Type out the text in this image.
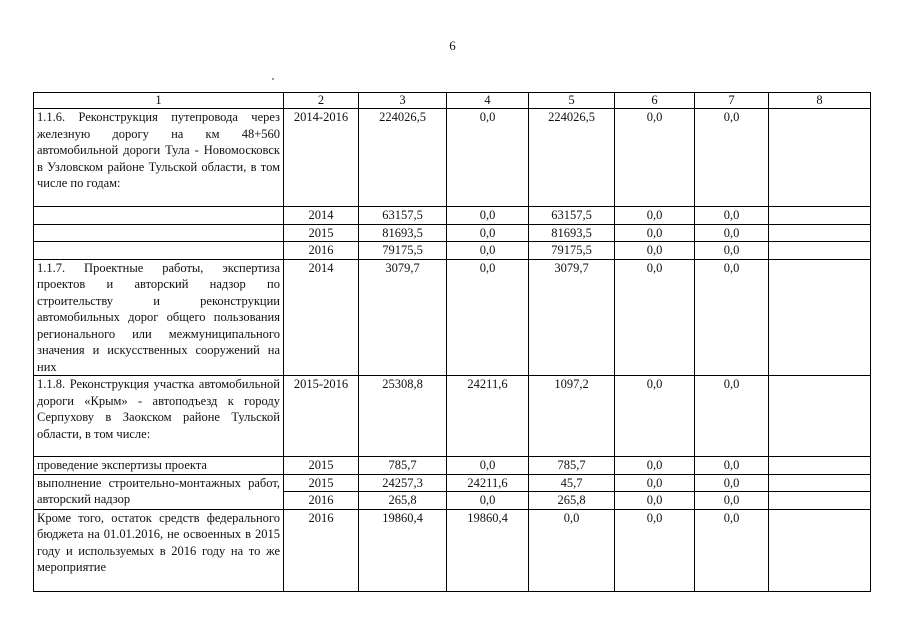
6
1	2	3	4	5	6	7	8
1.1.6. Реконструкция путепровода через железную дорогу на км 48+560 автомобильной дороги Тула - Новомосковск в Узловском районе Тульской области, в том числе по годам:	2014-2016	224026,5	0,0	224026,5	0,0	0,0	
	2014	63157,5	0,0	63157,5	0,0	0,0	
	2015	81693,5	0,0	81693,5	0,0	0,0	
	2016	79175,5	0,0	79175,5	0,0	0,0	
1.1.7. Проектные работы, экспертиза проектов и авторский надзор по строительству и реконструкции автомобильных дорог общего пользования регионального или межмуниципального значения и искусственных сооружений на них	2014	3079,7	0,0	3079,7	0,0	0,0	
1.1.8. Реконструкция участка автомобильной дороги «Крым» - автоподъезд к городу Серпухову в Заокском районе Тульской области, в том числе:	2015-2016	25308,8	24211,6	1097,2	0,0	0,0	
проведение экспертизы проекта	2015	785,7	0,0	785,7	0,0	0,0	
выполнение строительно-монтажных работ, авторский надзор	2015	24257,3	24211,6	45,7	0,0	0,0	
	2016	265,8	0,0	265,8	0,0	0,0	
Кроме того, остаток средств федерального бюджета на 01.01.2016, не освоенных в 2015 году и используемых в 2016 году на то же мероприятие	2016	19860,4	19860,4	0,0	0,0	0,0	
